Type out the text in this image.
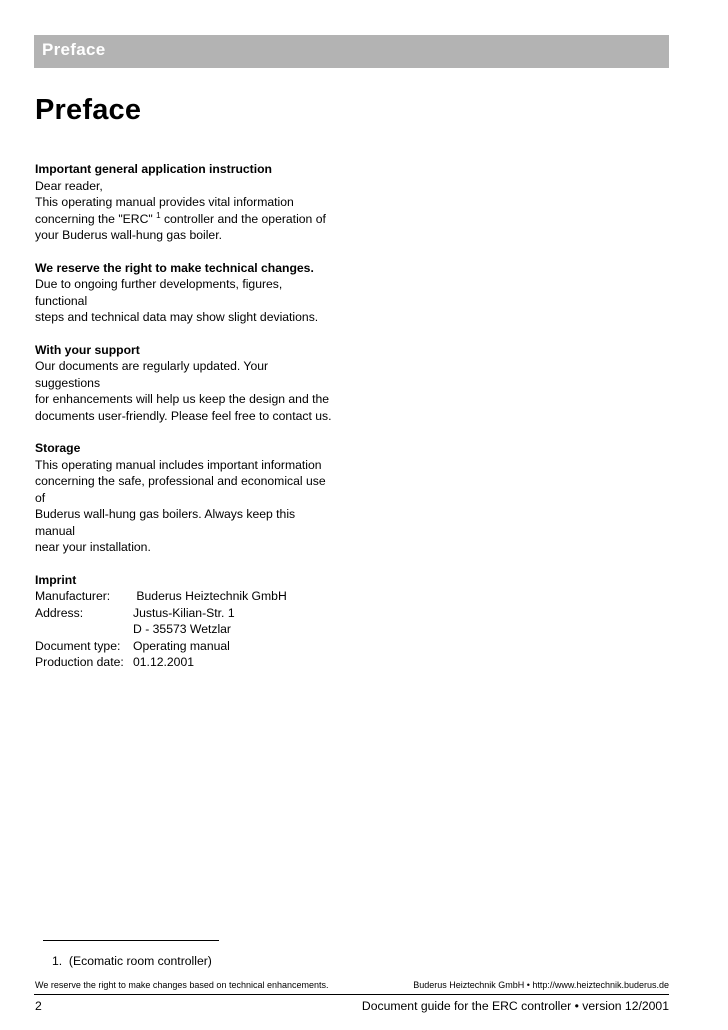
Preface
Preface
Important general application instruction

Dear reader,

This operating manual provides vital information

concerning the "ERC" $^1$ controller and the operation of

your Buderus wall-hung gas boiler.

We reserve the right to make technical changes.

Due to ongoing further developments, figures, functional

steps and technical data may show slight deviations.

With your support

Our documents are regularly updated. Your suggestions

for enhancements will help us keep the design and the

documents user-friendly. Please feel free to contact us.

Storage

This operating manual includes important information

concerning the safe, professional and economical use of

Buderus wall-hung gas boilers. Always keep this manual

near your installation.

Imprint
Manufacturer:	Buderus Heiztechnik GmbH
Address:	Justus-Kilian-Str. 1
D - 35573 Wetzlar
Document type:	Operating manual
Production date: 01.12.2001
1.  (Ecomatic room controller)
We reserve the right to make changes based on technical enhancements.	Buderus Heiztechnik GmbH • http://www.heiztechnik.buderus.de
2	Document guide for the ERC controller • version 12/2001
